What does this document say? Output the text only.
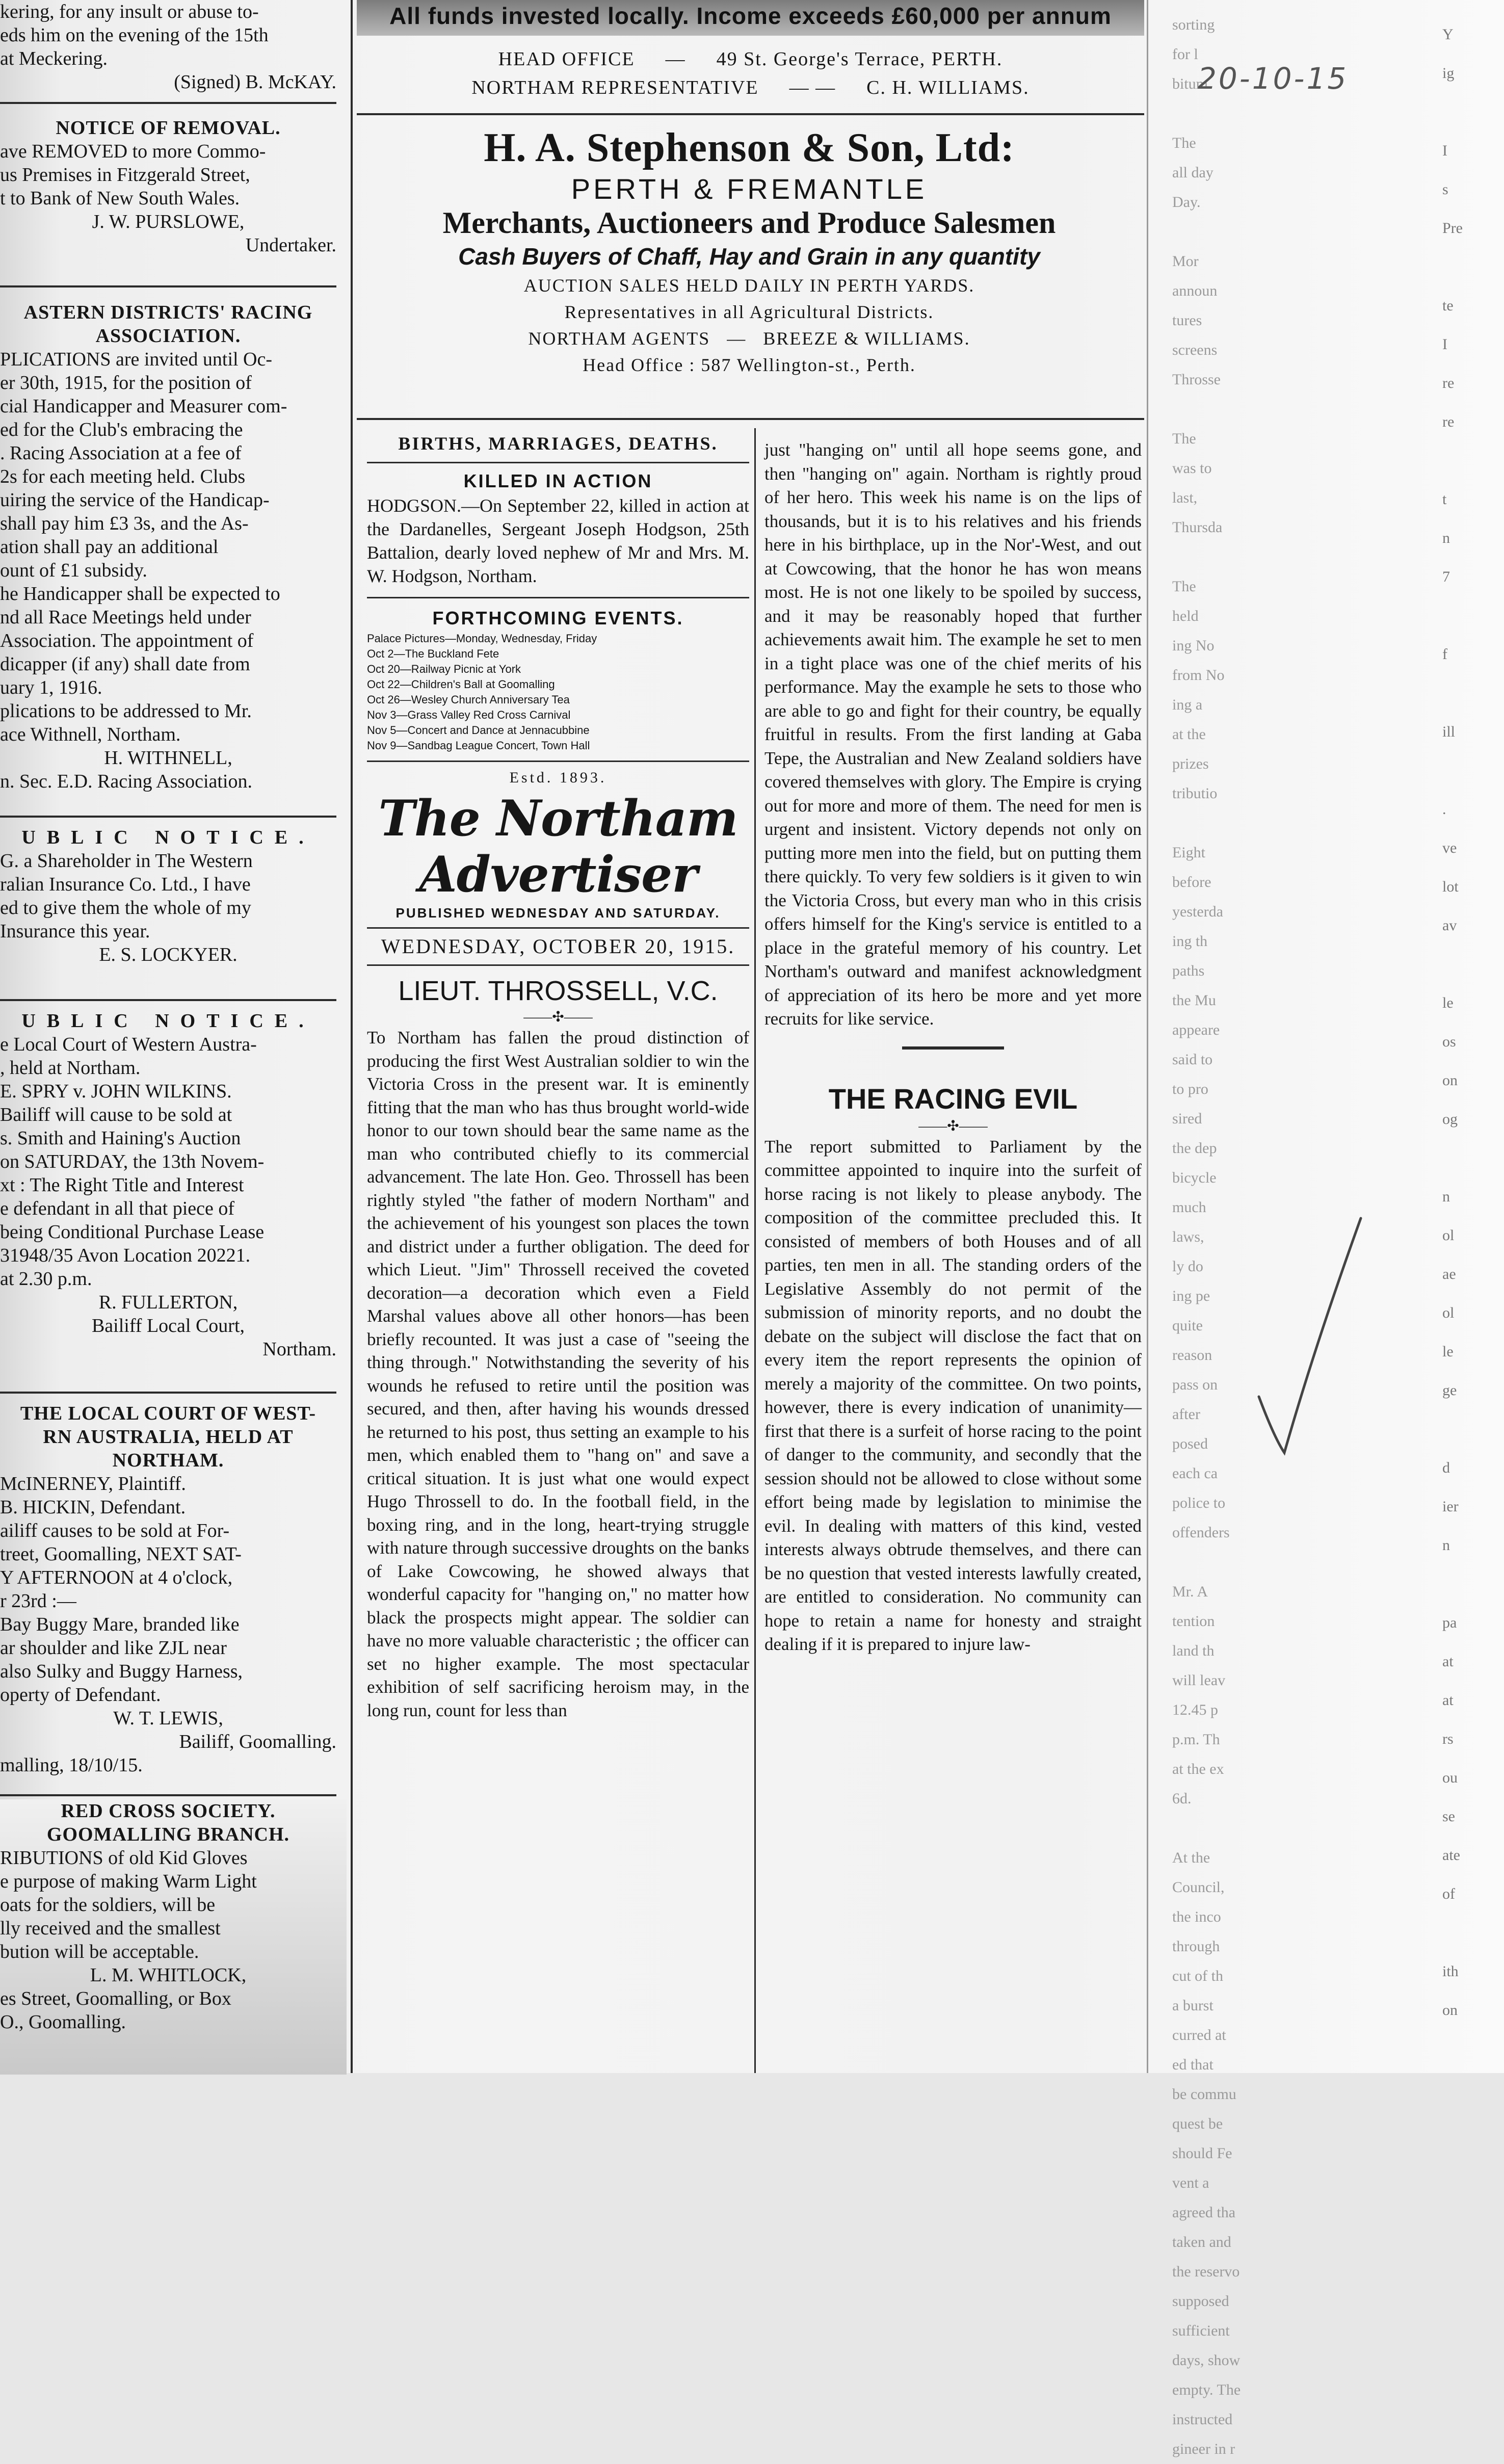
kering, for any insult or abuse to-

eds him on the evening of the 15th

at Meckering.

(Signed) B. McKAY.

NOTICE OF REMOVAL.

ave REMOVED to more Commo-

us Premises in Fitzgerald Street,

t to Bank of New South Wales.

J. W. PURSLOWE,

Undertaker.

ASTERN DISTRICTS' RACING

ASSOCIATION.

PLICATIONS are invited until Oc-

er 30th, 1915, for the position of

cial Handicapper and Measurer com-

ed for the Club's embracing the

. Racing Association at a fee of

2s for each meeting held. Clubs

uiring the service of the Handicap-

shall pay him £3 3s, and the As-

ation shall pay an additional

ount of £1 subsidy.

he Handicapper shall be expected to

nd all Race Meetings held under

Association. The appointment of

dicapper (if any) shall date from

uary 1, 1916.

plications to be addressed to Mr.

ace Withnell, Northam.

H. WITHNELL,

n. Sec. E.D. Racing Association.

UBLIC NOTICE.

G. a Shareholder in The Western

ralian Insurance Co. Ltd., I have

ed to give them the whole of my

Insurance this year.

E. S. LOCKYER.

UBLIC NOTICE.

e Local Court of Western Austra-

, held at Northam.

E. SPRY v. JOHN WILKINS.

Bailiff will cause to be sold at

s. Smith and Haining's Auction

on SATURDAY, the 13th Novem-

xt : The Right Title and Interest

e defendant in all that piece of

being Conditional Purchase Lease

31948/35 Avon Location 20221.

at 2.30 p.m.

R. FULLERTON,

Bailiff Local Court,

Northam.

THE LOCAL COURT OF WEST-

RN AUSTRALIA, HELD AT

NORTHAM.

McINERNEY, Plaintiff.

B. HICKIN, Defendant.

ailiff causes to be sold at For-

treet, Goomalling, NEXT SAT-

Y AFTERNOON at 4 o'clock,

r 23rd :—

Bay Buggy Mare, branded like

ar shoulder and like ZJL near

also Sulky and Buggy Harness,

operty of Defendant.

W. T. LEWIS,

Bailiff, Goomalling.

malling, 18/10/15.

RED CROSS SOCIETY.

GOOMALLING BRANCH.

RIBUTIONS of old Kid Gloves

e purpose of making Warm Light

oats for the soldiers, will be

lly received and the smallest

bution will be acceptable.

L. M. WHITLOCK,

es Street, Goomalling, or Box

O., Goomalling.

All funds invested locally. Income exceeds £60,000 per annum
HEAD OFFICE — 49 St. George's Terrace, PERTH.
NORTHAM REPRESENTATIVE — — C. H. WILLIAMS.
H. A. Stephenson & Son, Ltd:
PERTH & FREMANTLE
Merchants, Auctioneers and Produce Salesmen
Cash Buyers of Chaff, Hay and Grain in any quantity
AUCTION SALES HELD DAILY IN PERTH YARDS.
Representatives in all Agricultural Districts.
NORTHAM AGENTS   —   BREEZE & WILLIAMS.
Head Office : 587 Wellington-st., Perth.
BIRTHS, MARRIAGES, DEATHS.
KILLED IN ACTION

HODGSON.—On September 22, killed in action at the Dardanelles, Sergeant Joseph Hodgson, 25th Battalion, dearly loved nephew of Mr and Mrs. M. W. Hodgson, Northam.

FORTHCOMING EVENTS.
Palace Pictures—Monday, Wednesday, Friday
Oct 2—The Buckland Fete
Oct 20—Railway Picnic at York
Oct 22—Children's Ball at Goomalling
Oct 26—Wesley Church Anniversary Tea
Nov 3—Grass Valley Red Cross Carnival
Nov 5—Concert and Dance at Jennacubbine
Nov 9—Sandbag League Concert, Town Hall
Estd. 1893.
The Northam Advertiser
PUBLISHED WEDNESDAY AND SATURDAY.
WEDNESDAY, OCTOBER 20, 1915.
LIEUT. THROSSELL, V.C.
——✣——

To Northam has fallen the proud distinction of producing the first West Australian soldier to win the Victoria Cross in the present war. It is eminently fitting that the man who has thus brought world-wide honor to our town should bear the same name as the man who contributed chiefly to its commercial advancement. The late Hon. Geo. Throssell has been rightly styled "the father of modern Northam" and the achievement of his youngest son places the town and district under a further obligation. The deed for which Lieut. "Jim" Throssell received the coveted decoration—a decoration which even a Field Marshal values above all other honors—has been briefly recounted. It was just a case of "seeing the thing through." Notwithstanding the severity of his wounds he refused to retire until the position was secured, and then, after having his wounds dressed he returned to his post, thus setting an example to his men, which enabled them to "hang on" and save a critical situation. It is just what one would expect Hugo Throssell to do. In the football field, in the boxing ring, and in the long, heart-trying struggle with nature through successive droughts on the banks of Lake Cowcowing, he showed always that wonderful capacity for "hanging on," no matter how black the prospects might appear. The soldier can have no more valuable characteristic ; the officer can set no higher example. The most spectacular exhibition of self sacrificing heroism may, in the long run, count for less than

just "hanging on" until all hope seems gone, and then "hanging on" again. Northam is rightly proud of her hero. This week his name is on the lips of thousands, but it is to his relatives and his friends here in his birthplace, up in the Nor'-West, and out at Cowcowing, that the honor he has won means most. He is not one likely to be spoiled by success, and it may be reasonably hoped that further achievements await him. The example he set to men in a tight place was one of the chief merits of his performance. May the example he sets to those who are able to go and fight for their country, be equally fruitful in results. From the first landing at Gaba Tepe, the Australian and New Zealand soldiers have covered themselves with glory. The Empire is crying out for more and more of them. The need for men is urgent and insistent. Victory depends not only on putting more men into the field, but on putting them there quickly. To very few soldiers is it given to win the Victoria Cross, but every man who in this crisis offers himself for the King's service is entitled to a place in the grateful memory of his country. Let Northam's outward and manifest acknowledgment of appreciation of its hero be more and yet more recruits for like service.

THE RACING EVIL
——✣——

The report submitted to Parliament by the committee appointed to inquire into the surfeit of horse racing is not likely to please anybody. The composition of the committee precluded this. It consisted of members of both Houses and of all parties, ten men in all. The standing orders of the Legislative Assembly do not permit of the submission of minority reports, and no doubt the debate on the subject will disclose the fact that on every item the report represents the opinion of merely a majority of the committee. On two points, however, there is every indication of unanimity—first that there is a surfeit of horse racing to the point of danger to the community, and secondly that the session should not be allowed to close without some effort being made by legislation to minimise the evil. In dealing with matters of this kind, vested interests always obtrude themselves, and there can be no question that vested interests lawfully created, are entitled to consideration. No community can hope to retain a name for honesty and straight dealing if it is prepared to injure law-

sorting
for l
bitum

The
all day
Day.

Mor
announ
tures
screens
Throsse

The
was to
last,
Thursda

The
held
ing No
from No
ing a
at the
prizes
tributio

Eight
before
yesterda
ing th
paths
the Mu
appeare
said to
to pro
sired
the dep
bicycle
much
laws,
ly do
ing pe
quite
reason
pass on
after
posed
each ca
police to
offenders

Mr. A
tention
land th
will leav
12.45 p
p.m. Th
at the ex
6d.

At the
Council,
the inco
through
cut of th
a burst
curred at
ed that
be commu
quest be
should Fe
vent a
agreed tha
taken and
the reservo
supposed
sufficient
days, show
empty. The
instructed
gineer in r
Y
ig

I
s
Pre

te
I
re
re

t
n
7

f

ill

.
ve
lot
av

le
os
on
og

n
ol
ae
ol
le
ge

d
ier
n

pa
at
at
rs
ou
se
ate
of

ith
on
20-10-15
